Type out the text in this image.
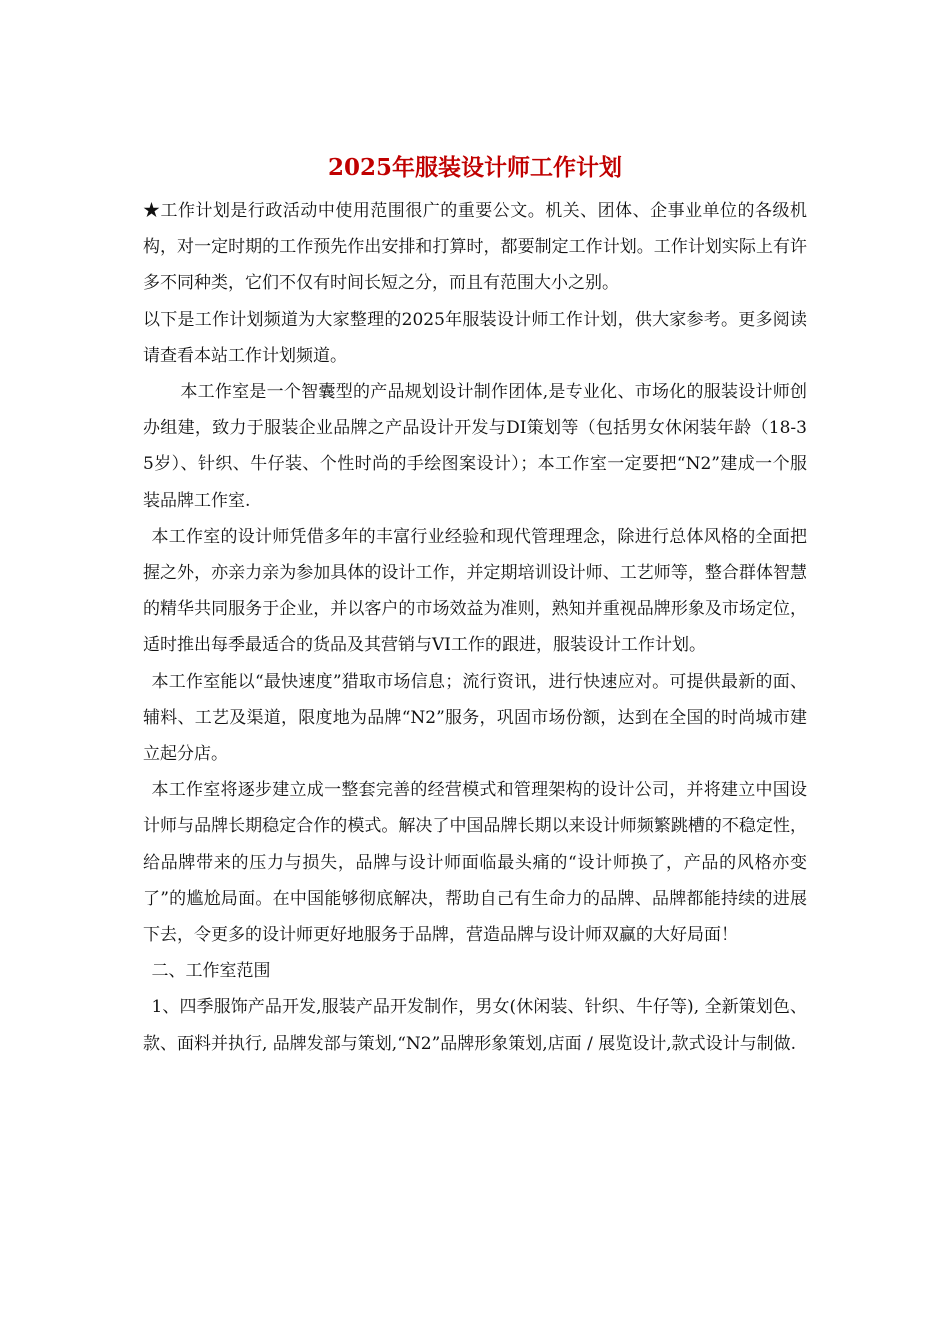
2025年服装设计师工作计划

★工作计划是行政活动中使用范围很广的重要公文。机关、团体、企事业单位的各级机构，对一定时期的工作预先作出安排和打算时，都要制定工作计划。工作计划实际上有许多不同种类，它们不仅有时间长短之分，而且有范围大小之别。

以下是工作计划频道为大家整理的2025年服装设计师工作计划，供大家参考。更多阅读请查看本站工作计划频道。

本工作室是一个智囊型的产品规划设计制作团体,是专业化、市场化的服装设计师创办组建，致力于服装企业品牌之产品设计开发与DI策划等（包括男女休闲装年龄（18-35岁）、针织、牛仔装、个性时尚的手绘图案设计）；本工作室一定要把“N2”建成一个服装品牌工作室.

本工作室的设计师凭借多年的丰富行业经验和现代管理理念，除进行总体风格的全面把握之外，亦亲力亲为参加具体的设计工作，并定期培训设计师、工艺师等，整合群体智慧的精华共同服务于企业，并以客户的市场效益为准则，熟知并重视品牌形象及市场定位，适时推出每季最适合的货品及其营销与VI工作的跟进，服装设计工作计划。

本工作室能以“最快速度”猎取市场信息；流行资讯，进行快速应对。可提供最新的面、辅料、工艺及渠道，限度地为品牌“N2”服务，巩固市场份额，达到在全国的时尚城市建立起分店。

本工作室将逐步建立成一整套完善的经营模式和管理架构的设计公司，并将建立中国设计师与品牌长期稳定合作的模式。解决了中国品牌长期以来设计师频繁跳槽的不稳定性，给品牌带来的压力与损失，品牌与设计师面临最头痛的“设计师换了，产品的风格亦变了”的尴尬局面。在中国能够彻底解决，帮助自己有生命力的品牌、品牌都能持续的进展下去，令更多的设计师更好地服务于品牌，营造品牌与设计师双赢的大好局面！

二、工作室范围

1、四季服饰产品开发,服装产品开发制作，男女(休闲装、针织、牛仔等), 全新策划色、款、面料并执行, 品牌发部与策划,“N2”品牌形象策划,店面 / 展览设计,款式设计与制做.
